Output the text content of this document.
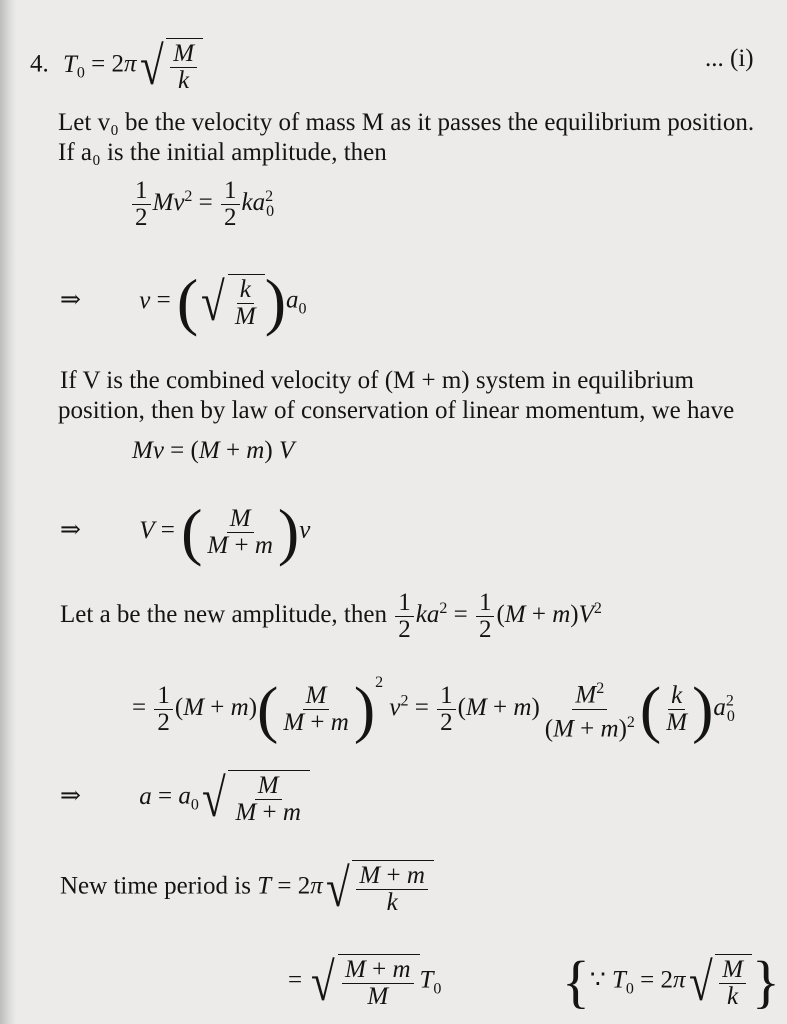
4. $T_0 = 2\pi$ √ $\frac{M}{k}$	... (i)
Let v₀ be the velocity of mass M as it passes the equilibrium position.
If a₀ is the initial amplitude, then
$\frac{1}{2} Mv^2 = \frac{1}{2} ka^2_0$
⇒ v = ( √ $\frac{k}{M} )a_0$
If V is the combined velocity of (M + m) system in equilibrium
position, then by law of conservation of linear momentum, we have
Mv = (M + m) V
⇒ V = ( $\frac{M}{M + m} )v$
Let a be the new amplitude, then $\frac{1}{2} ka^2 = \frac{1}{2} (M + m)V^2$
= $\frac{1}{2} (M + m)( \frac{M}{M + m} )^2$ $v^2 = \frac{1}{2} (M + m) \frac{M^2}{(M + m)^2}$ ( $\frac{k}{M} )a^2_0$
⇒ $a = a_0$ √ $\frac{M}{M + m}$
New time period is T = 2π √ $\frac{M + m}{k}$
= √ $\frac{M + m}{M} T_0$ {∵ $T_0 = 2\pi$ √ $\frac{M}{k}$ }
